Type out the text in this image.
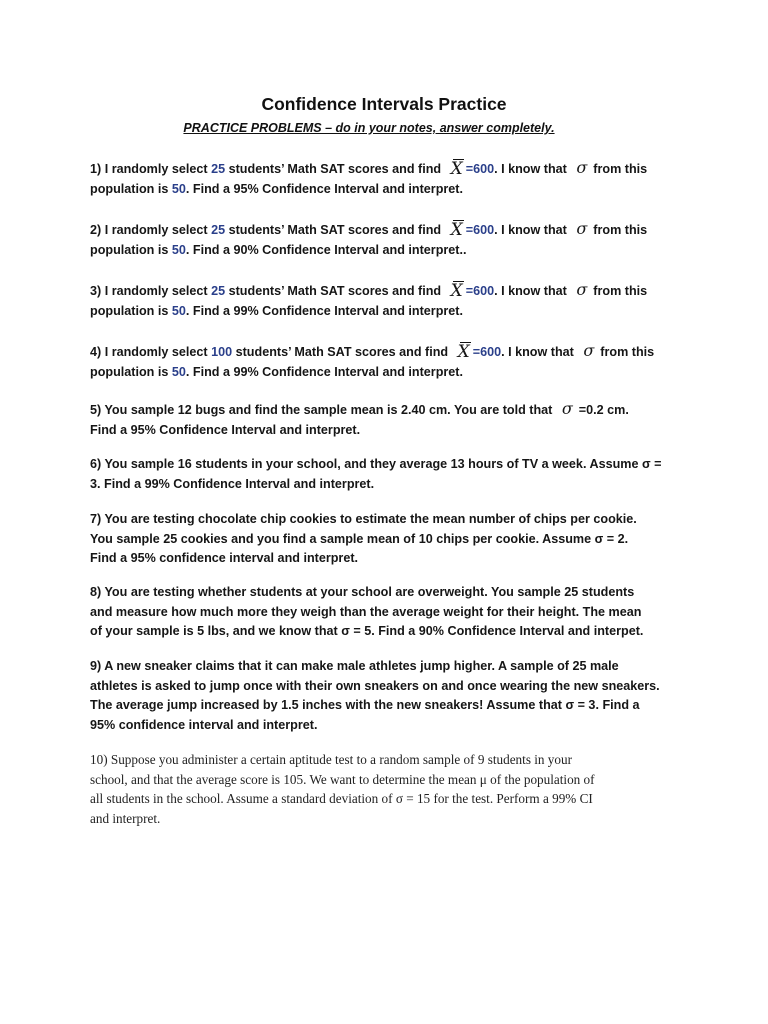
Confidence Intervals Practice
PRACTICE PROBLEMS – do in your notes, answer completely.

1) I randomly select 25 students’ Math SAT scores and find X =600. I know that σ from this
population is 50. Find a 95% Confidence Interval and interpret.

2) I randomly select 25 students’ Math SAT scores and find X =600. I know that σ from this
population is 50. Find a 90% Confidence Interval and interpret..

3) I randomly select 25 students’ Math SAT scores and find X =600. I know that σ from this
population is 50. Find a 99% Confidence Interval and interpret.

4) I randomly select 100 students’ Math SAT scores and find X =600. I know that σ from this
population is 50. Find a 99% Confidence Interval and interpret.

5) You sample 12 bugs and find the sample mean is 2.40 cm. You are told that σ =0.2 cm.
Find a 95% Confidence Interval and interpret.

6) You sample 16 students in your school, and they average 13 hours of TV a week. Assume σ =
3. Find a 99% Confidence Interval and interpret.

7) You are testing chocolate chip cookies to estimate the mean number of chips per cookie.
You sample 25 cookies and you find a sample mean of 10 chips per cookie. Assume σ = 2.
Find a 95% confidence interval and interpret.

8) You are testing whether students at your school are overweight. You sample 25 students
and measure how much more they weigh than the average weight for their height. The mean
of your sample is 5 lbs, and we know that σ = 5. Find a 90% Confidence Interval and interpet.

9) A new sneaker claims that it can make male athletes jump higher. A sample of 25 male
athletes is asked to jump once with their own sneakers on and once wearing the new sneakers.
The average jump increased by 1.5 inches with the new sneakers! Assume that σ = 3. Find a
95% confidence interval and interpret.

10) Suppose you administer a certain aptitude test to a random sample of 9 students in your
school, and that the average score is 105. We want to determine the mean μ of the population of
all students in the school. Assume a standard deviation of σ = 15 for the test. Perform a 99% CI
and interpret.
